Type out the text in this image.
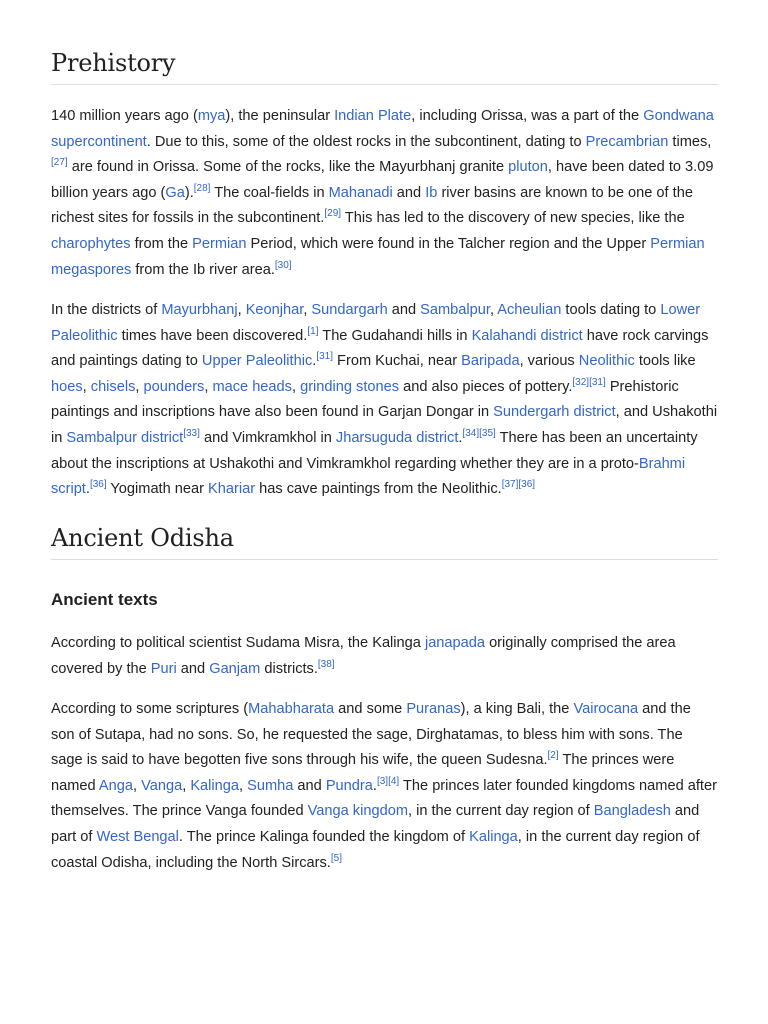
Prehistory

140 million years ago (mya), the peninsular Indian Plate, including Orissa, was a part of the Gondwana supercontinent. Due to this, some of the oldest rocks in the subcontinent, dating to Precambrian times,[27] are found in Orissa. Some of the rocks, like the Mayurbhanj granite pluton, have been dated to 3.09 billion years ago (Ga).[28] The coal-fields in Mahanadi and Ib river basins are known to be one of the richest sites for fossils in the subcontinent.[29] This has led to the discovery of new species, like the charophytes from the Permian Period, which were found in the Talcher region and the Upper Permian megaspores from the Ib river area.[30]

In the districts of Mayurbhanj, Keonjhar, Sundargarh and Sambalpur, Acheulian tools dating to Lower Paleolithic times have been discovered.[1] The Gudahandi hills in Kalahandi district have rock carvings and paintings dating to Upper Paleolithic.[31] From Kuchai, near Baripada, various Neolithic tools like hoes, chisels, pounders, mace heads, grinding stones and also pieces of pottery.[32][31] Prehistoric paintings and inscriptions have also been found in Garjan Dongar in Sundergarh district, and Ushakothi in Sambalpur district[33] and Vimkramkhol in Jharsuguda district.[34][35] There has been an uncertainty about the inscriptions at Ushakothi and Vimkramkhol regarding whether they are in a proto-Brahmi script.[36] Yogimath near Khariar has cave paintings from the Neolithic.[37][36]

Ancient Odisha
Ancient texts

According to political scientist Sudama Misra, the Kalinga janapada originally comprised the area covered by the Puri and Ganjam districts.[38]

According to some scriptures (Mahabharata and some Puranas), a king Bali, the Vairocana and the son of Sutapa, had no sons. So, he requested the sage, Dirghatamas, to bless him with sons. The sage is said to have begotten five sons through his wife, the queen Sudesna.[2] The princes were named Anga, Vanga, Kalinga, Sumha and Pundra.[3][4] The princes later founded kingdoms named after themselves. The prince Vanga founded Vanga kingdom, in the current day region of Bangladesh and part of West Bengal. The prince Kalinga founded the kingdom of Kalinga, in the current day region of coastal Odisha, including the North Sircars.[5]
